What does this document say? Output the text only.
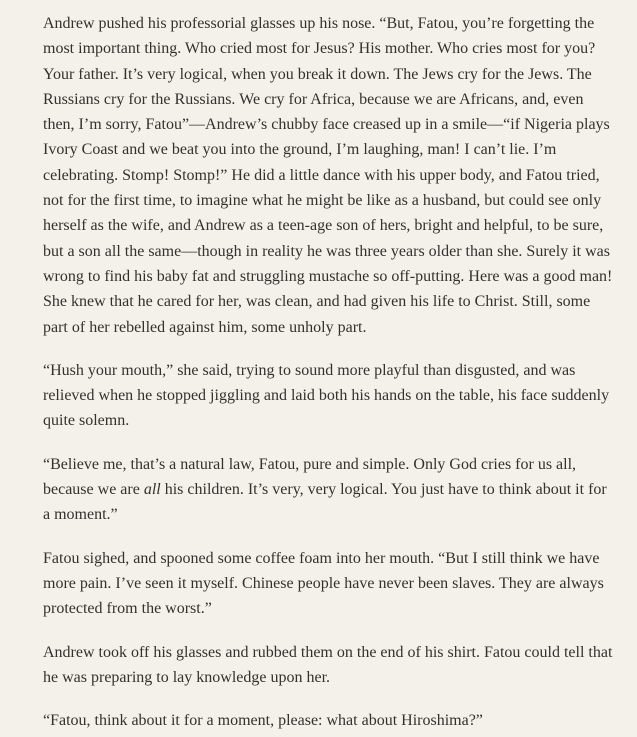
Andrew pushed his professorial glasses up his nose. “But, Fatou, you’re forgetting the most important thing. Who cried most for Jesus? His mother. Who cries most for you? Your father. It’s very logical, when you break it down. The Jews cry for the Jews. The Russians cry for the Russians. We cry for Africa, because we are Africans, and, even then, I’m sorry, Fatou”—Andrew’s chubby face creased up in a smile—“if Nigeria plays Ivory Coast and we beat you into the ground, I’m laughing, man! I can’t lie. I’m celebrating. Stomp! Stomp!” He did a little dance with his upper body, and Fatou tried, not for the first time, to imagine what he might be like as a husband, but could see only herself as the wife, and Andrew as a teen-age son of hers, bright and helpful, to be sure, but a son all the same—though in reality he was three years older than she. Surely it was wrong to find his baby fat and struggling mustache so off-putting. Here was a good man! She knew that he cared for her, was clean, and had given his life to Christ. Still, some part of her rebelled against him, some unholy part.

“Hush your mouth,” she said, trying to sound more playful than disgusted, and was relieved when he stopped jiggling and laid both his hands on the table, his face suddenly quite solemn.

“Believe me, that’s a natural law, Fatou, pure and simple. Only God cries for us all, because we are all his children. It’s very, very logical. You just have to think about it for a moment.”

Fatou sighed, and spooned some coffee foam into her mouth. “But I still think we have more pain. I’ve seen it myself. Chinese people have never been slaves. They are always protected from the worst.”

Andrew took off his glasses and rubbed them on the end of his shirt. Fatou could tell that he was preparing to lay knowledge upon her.

“Fatou, think about it for a moment, please: what about Hiroshima?”
